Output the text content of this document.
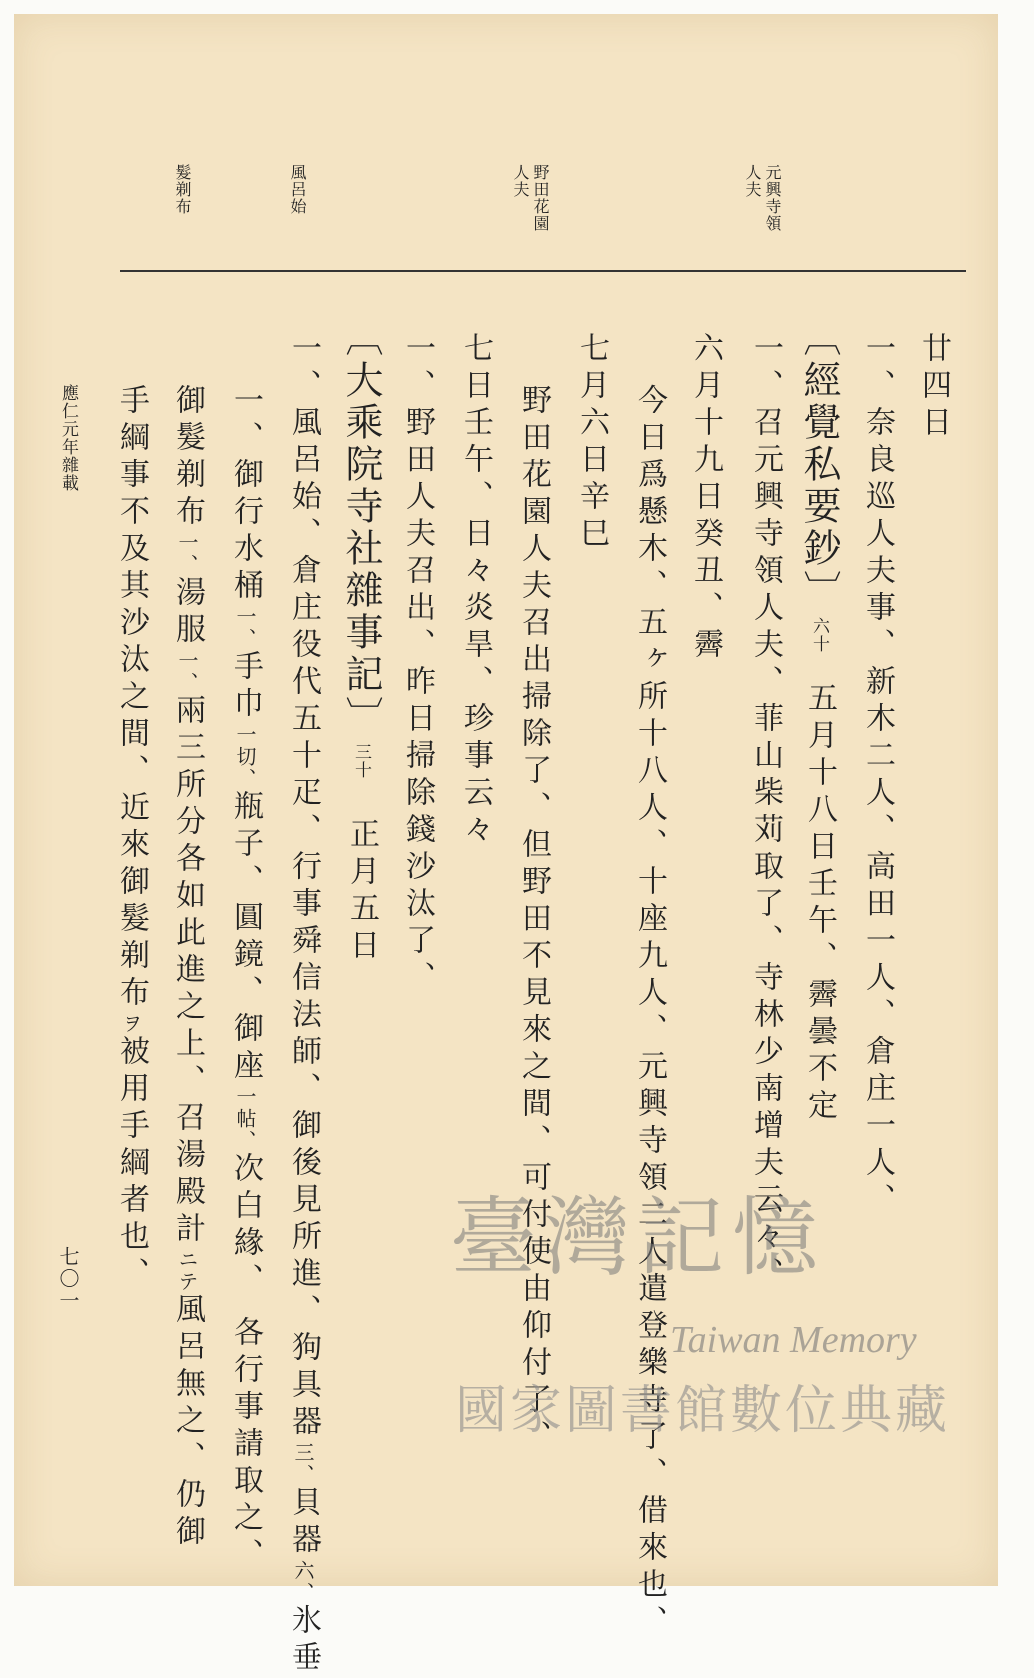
元興寺領
人夫
野田花園
人夫
風呂始
髮剃布
廿四日
一、奈良巡人夫事、新木二人、高田一人、倉庄一人、
〔經覺私要鈔〕 六十 五月十八日壬午、霽曇不定
一、召元興寺領人夫、菲山柴苅取了、寺林少南增夫云々、
六月十九日癸丑、霽
今日爲懸木、五ヶ所十八人、十座九人、元興寺領二人遣登樂寺了、借來也、
七月六日辛巳
野田花園人夫召出掃除了、但野田不見來之間、可付使由仰付了、
七日壬午、日々炎旱、珍事云々
一、野田人夫召出、昨日掃除錢沙汰了、
〔大乘院寺社雜事記〕 三十 正月五日
一、風呂始、倉庄役代五十疋、行事舜信法師、御後見所進、狗具器三、貝器六、氷垂
一、御行水桶一、手巾一切、瓶子、圓鏡、御座一帖、次白緣、各行事請取之、
御髮剃布一、湯服一、兩三所分各如此進之上、召湯殿計ニテ風呂無之、仍御
手綱事不及其沙汰之間、近來御髮剃布ヲ被用手綱者也、
應仁元年雜載
七〇一	臺灣記憶
Taiwan Memory
國家圖書館數位典藏
